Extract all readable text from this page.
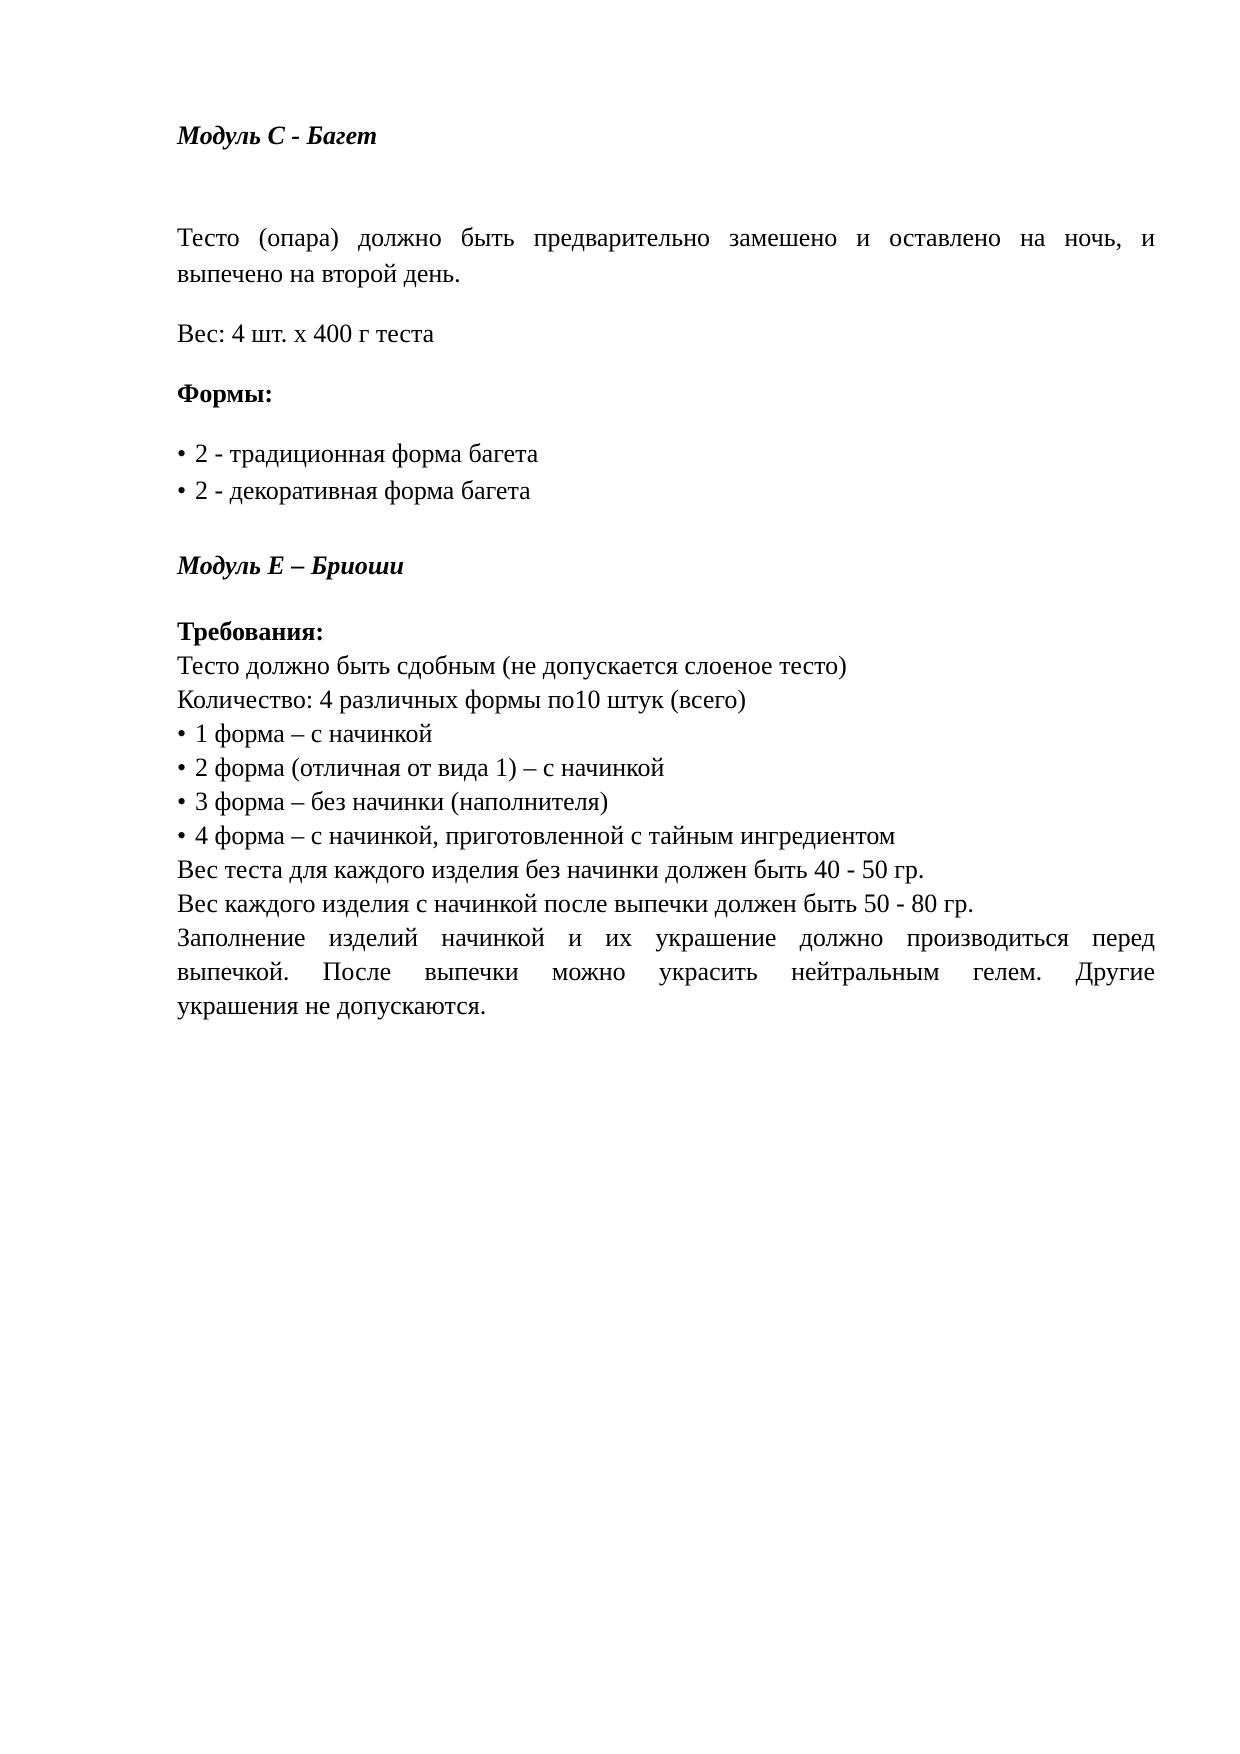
Модуль С - Багет
Тесто (опара) должно быть предварительно замешено и оставлено на ночь, и
выпечено на второй день.
Вес: 4 шт. х 400 г теста
Формы:
• 2 - традиционная форма багета
• 2 - декоративная форма багета
Модуль Е – Бриоши
Требования:
Тесто должно быть сдобным (не допускается слоеное тесто)
Количество: 4 различных формы по10 штук (всего)
• 1 форма – с начинкой
• 2 форма (отличная от вида 1) – с начинкой
• 3 форма – без начинки (наполнителя)
• 4 форма – с начинкой, приготовленной с тайным ингредиентом
Вес теста для каждого изделия без начинки должен быть 40 - 50 гр.
Вес каждого изделия с начинкой после выпечки должен быть 50 - 80 гр.
Заполнение изделий начинкой и их украшение должно производиться перед
выпечкой. После выпечки можно украсить нейтральным гелем. Другие
украшения не допускаются.
